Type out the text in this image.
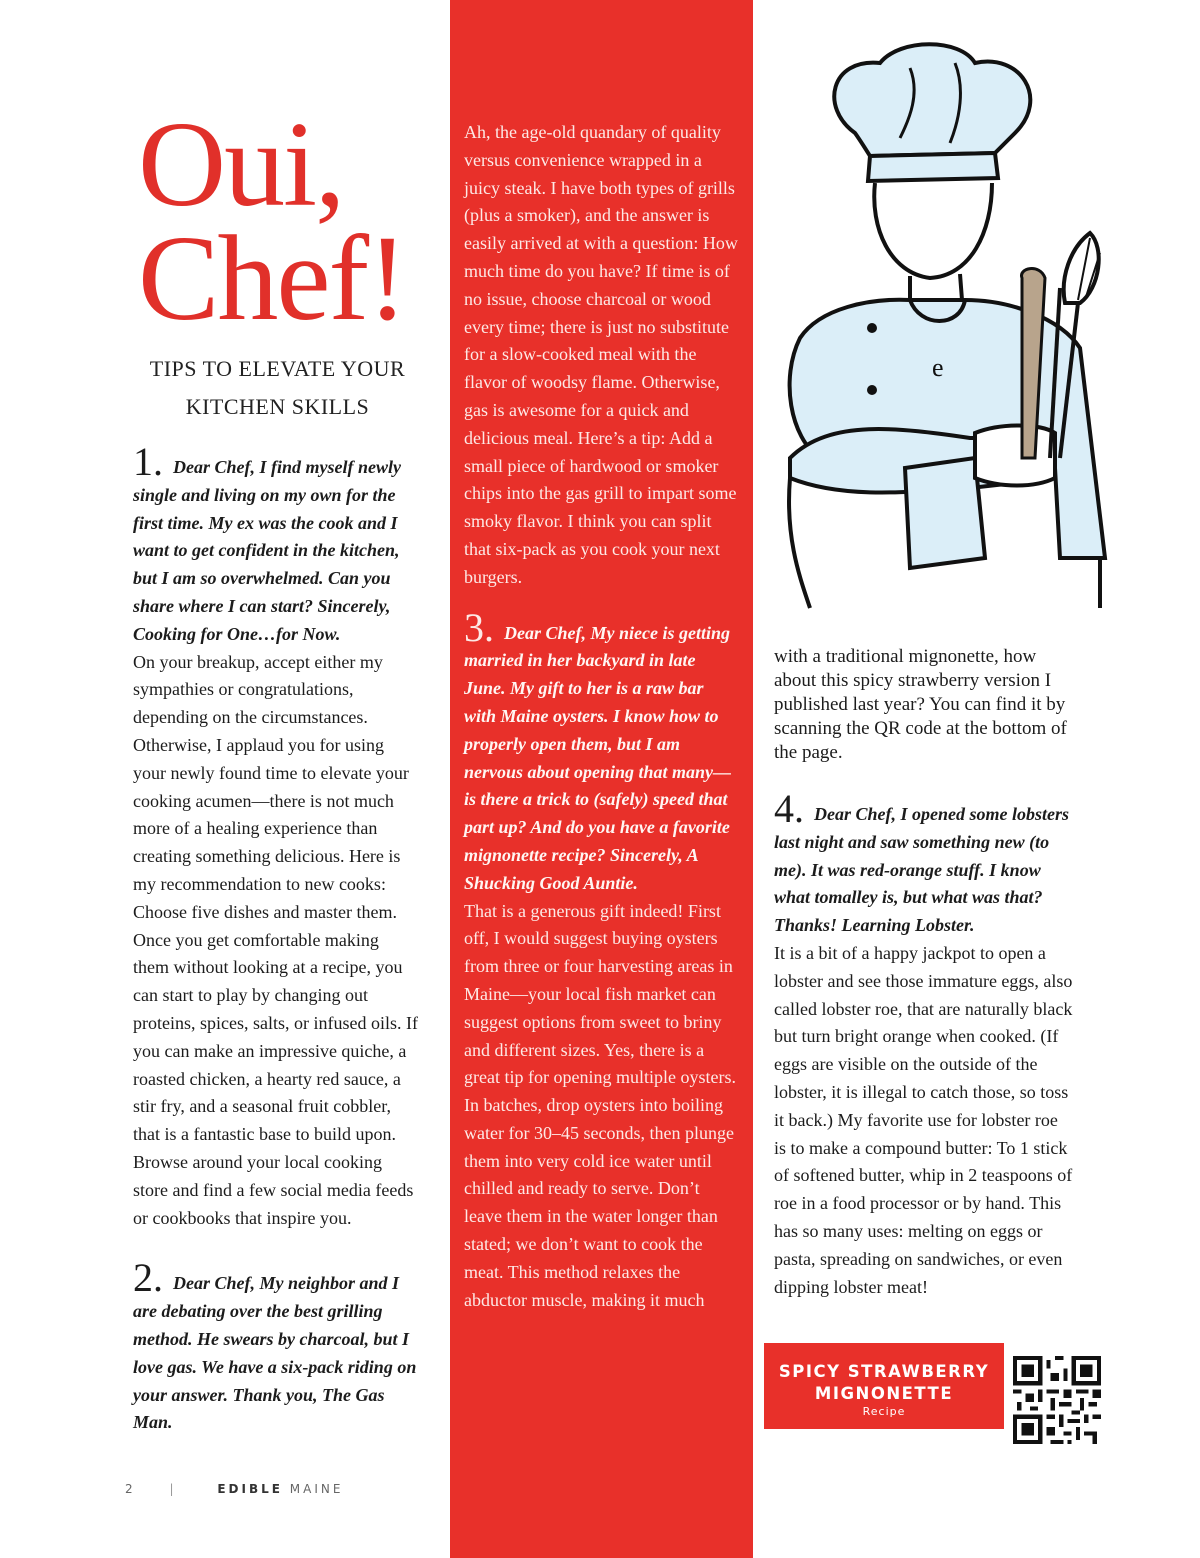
Oui,
Chef!
TIPS TO ELEVATE YOUR KITCHEN SKILLS

1. Dear Chef, I find myself newly single and living on my own for the first time. My ex was the cook and I want to get confident in the kitchen, but I am so overwhelmed. Can you share where I can start? Sincerely, Cooking for One…for Now.

On your breakup, accept either my sympathies or congratulations, depending on the circumstances. Otherwise, I applaud you for using your newly found time to elevate your cooking acumen—there is not much more of a healing experience than creating something delicious. Here is my recommendation to new cooks: Choose five dishes and master them. Once you get comfortable making them without looking at a recipe, you can start to play by changing out proteins, spices, salts, or infused oils. If you can make an impressive quiche, a roasted chicken, a hearty red sauce, a stir fry, and a seasonal fruit cobbler, that is a fantastic base to build upon. Browse around your local cooking store and find a few social media feeds or cookbooks that inspire you.

2. Dear Chef, My neighbor and I are debating over the best grilling method. He swears by charcoal, but I love gas. We have a six-pack riding on your answer. Thank you, The Gas Man.

Ah, the age-old quandary of quality versus convenience wrapped in a juicy steak. I have both types of grills (plus a smoker), and the answer is easily arrived at with a question: How much time do you have? If time is of no issue, choose charcoal or wood every time; there is just no substitute for a slow-cooked meal with the flavor of woodsy flame. Otherwise, gas is awesome for a quick and delicious meal. Here’s a tip: Add a small piece of hardwood or smoker chips into the gas grill to impart some smoky flavor. I think you can split that six-pack as you cook your next burgers.

3. Dear Chef, My niece is getting married in her backyard in late June. My gift to her is a raw bar with Maine oysters. I know how to properly open them, but I am nervous about opening that many—is there a trick to (safely) speed that part up? And do you have a favorite mignonette recipe? Sincerely, A Shucking Good Auntie.

That is a generous gift indeed! First off, I would suggest buying oysters from three or four harvesting areas in Maine—your local fish market can suggest options from sweet to briny and different sizes. Yes, there is a great tip for opening multiple oysters. In batches, drop oysters into boiling water for 30–45 seconds, then plunge them into very cold ice water until chilled and ready to serve. Don’t leave them in the water longer than stated; we don’t want to cook the meat. This method relaxes the abductor muscle, making it much

e

with a traditional mignonette, how about this spicy strawberry version I published last year? You can find it by scanning the QR code at the bottom of the page.

4. Dear Chef, I opened some lobsters last night and saw something new (to me). It was red-orange stuff. I know what tomalley is, but what was that? Thanks! Learning Lobster.

It is a bit of a happy jackpot to open a lobster and see those immature eggs, also called lobster roe, that are naturally black but turn bright orange when cooked. (If eggs are visible on the outside of the lobster, it is illegal to catch those, so toss it back.) My favorite use for lobster roe is to make a compound butter: To 1 stick of softened butter, whip in 2 teaspoons of roe in a food processor or by hand. This has so many uses: melting on eggs or pasta, spreading on sandwiches, or even dipping lobster meat!

SPICY STRAWBERRY
MIGNONETTE
Recipe
2	|	EDIBLE MAINE
